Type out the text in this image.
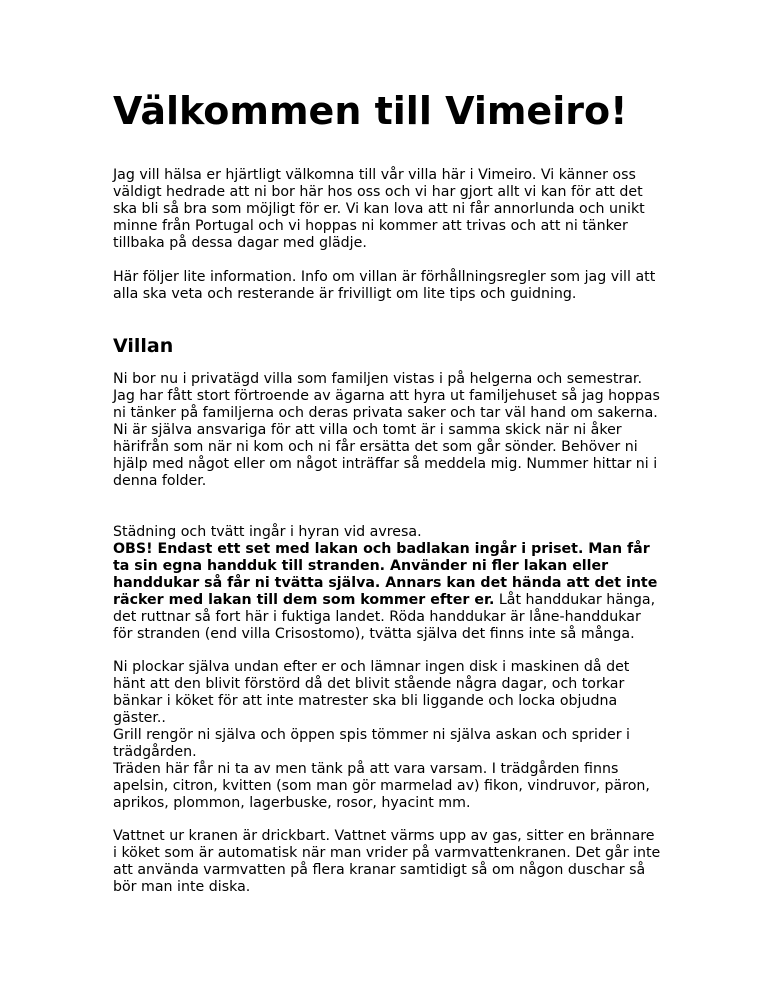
Välkommen till Vimeiro!

Jag vill hälsa er hjärtligt välkomna till vår villa här i Vimeiro. Vi känner oss väldigt hedrade att ni bor här hos oss och vi har gjort allt vi kan för att det ska bli så bra som möjligt för er. Vi kan lova att ni får annorlunda och unikt minne från Portugal och vi hoppas ni kommer att trivas och att ni tänker tillbaka på dessa dagar med glädje.

Här följer lite information. Info om villan är förhållningsregler som jag vill att alla ska veta och resterande är frivilligt om lite tips och guidning.

Villan

Ni bor nu i privatägd villa som familjen vistas i på helgerna och semestrar. Jag har fått stort förtroende av ägarna att hyra ut familjehuset så jag hoppas ni tänker på familjerna och deras privata saker och tar väl hand om sakerna. Ni är själva ansvariga för att villa och tomt är i samma skick när ni åker härifrån som när ni kom och ni får ersätta det som går sönder. Behöver ni hjälp med något eller om något inträffar så meddela mig. Nummer hittar ni i denna folder.

Städning och tvätt ingår i hyran vid avresa.
OBS! Endast ett set med lakan och badlakan ingår i priset. Man får ta sin egna handduk till stranden. Använder ni fler lakan eller handdukar så får ni tvätta själva. Annars kan det hända att det inte räcker med lakan till dem som kommer efter er. Låt handdukar hänga, det ruttnar så fort här i fuktiga landet. Röda handdukar är låne-handdukar för stranden (end villa Crisostomo), tvätta själva det finns inte så många.

Ni plockar själva undan efter er och lämnar ingen disk i maskinen då det hänt att den blivit förstörd då det blivit stående några dagar, och torkar bänkar i köket för att inte matrester ska bli liggande och locka objudna gäster..
Grill rengör ni själva och öppen spis tömmer ni själva askan och sprider i trädgården.

Träden här får ni ta av men tänk på att vara varsam. I trädgården finns apelsin, citron, kvitten (som man gör marmelad av) fikon, vindruvor, päron, aprikos, plommon, lagerbuske, rosor, hyacint mm.

Vattnet ur kranen är drickbart. Vattnet värms upp av gas, sitter en brännare i köket som är automatisk när man vrider på varmvattenkranen. Det går inte att använda varmvatten på flera kranar samtidigt så om någon duschar så bör man inte diska.
